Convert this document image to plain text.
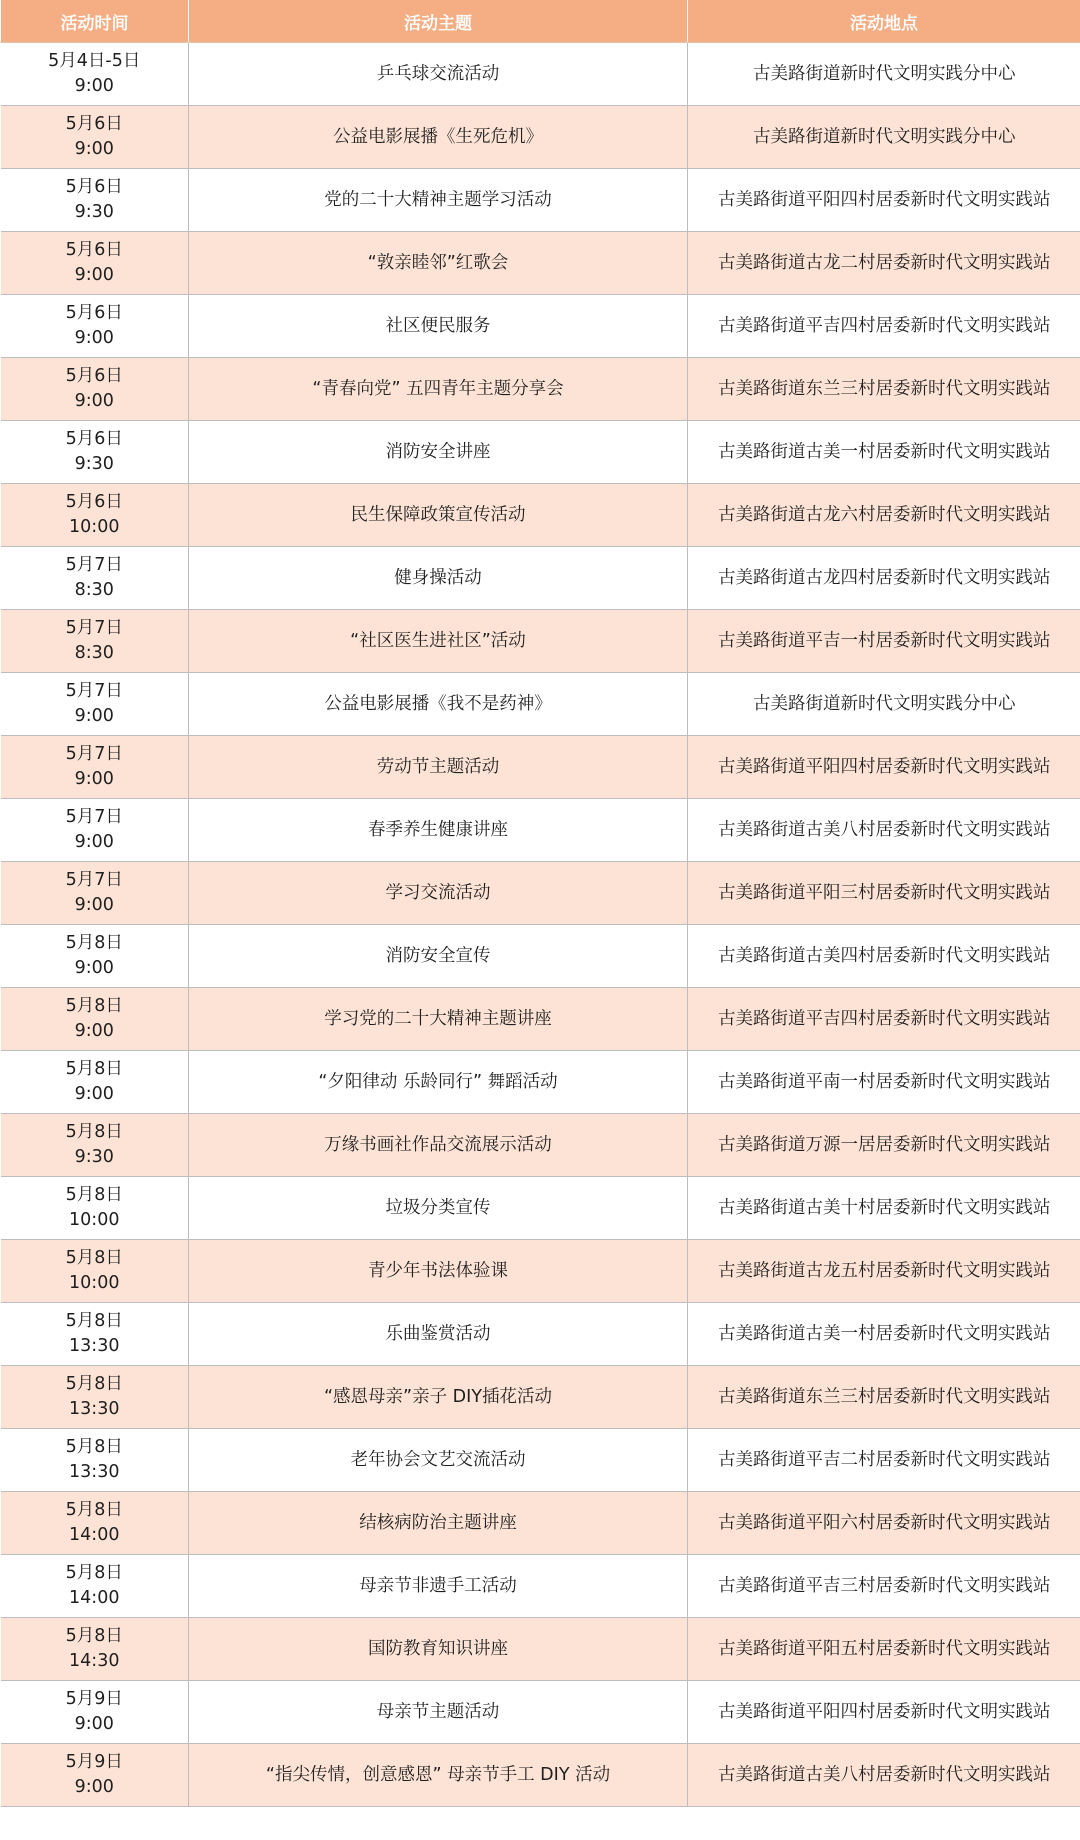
活动时间	活动主题	活动地点

5月4日-5日
9:00	乒乓球交流活动	古美路街道新时代文明实践分中心

5月6日
9:00	公益电影展播《生死危机》	古美路街道新时代文明实践分中心

5月6日
9:30	党的二十大精神主题学习活动	古美路街道平阳四村居委新时代文明实践站

5月6日
9:00	“敦亲睦邻”红歌会	古美路街道古龙二村居委新时代文明实践站

5月6日
9:00	社区便民服务	古美路街道平吉四村居委新时代文明实践站

5月6日
9:00	“青春向党” 五四青年主题分享会	古美路街道东兰三村居委新时代文明实践站

5月6日
9:30	消防安全讲座	古美路街道古美一村居委新时代文明实践站

5月6日
10:00	民生保障政策宣传活动	古美路街道古龙六村居委新时代文明实践站

5月7日
8:30	健身操活动	古美路街道古龙四村居委新时代文明实践站

5月7日
8:30	“社区医生进社区”活动	古美路街道平吉一村居委新时代文明实践站

5月7日
9:00	公益电影展播《我不是药神》	古美路街道新时代文明实践分中心

5月7日
9:00	劳动节主题活动	古美路街道平阳四村居委新时代文明实践站

5月7日
9:00	春季养生健康讲座	古美路街道古美八村居委新时代文明实践站

5月7日
9:00	学习交流活动	古美路街道平阳三村居委新时代文明实践站

5月8日
9:00	消防安全宣传	古美路街道古美四村居委新时代文明实践站

5月8日
9:00	学习党的二十大精神主题讲座	古美路街道平吉四村居委新时代文明实践站

5月8日
9:00	“夕阳律动 乐龄同行” 舞蹈活动	古美路街道平南一村居委新时代文明实践站

5月8日
9:30	万缘书画社作品交流展示活动	古美路街道万源一居居委新时代文明实践站

5月8日
10:00	垃圾分类宣传	古美路街道古美十村居委新时代文明实践站

5月8日
10:00	青少年书法体验课	古美路街道古龙五村居委新时代文明实践站

5月8日
13:30	乐曲鉴赏活动	古美路街道古美一村居委新时代文明实践站

5月8日
13:30	“感恩母亲”亲子 DIY插花活动	古美路街道东兰三村居委新时代文明实践站

5月8日
13:30	老年协会文艺交流活动	古美路街道平吉二村居委新时代文明实践站

5月8日
14:00	结核病防治主题讲座	古美路街道平阳六村居委新时代文明实践站

5月8日
14:00	母亲节非遗手工活动	古美路街道平吉三村居委新时代文明实践站

5月8日
14:30	国防教育知识讲座	古美路街道平阳五村居委新时代文明实践站

5月9日
9:00	母亲节主题活动	古美路街道平阳四村居委新时代文明实践站

5月9日
9:00	“指尖传情，创意感恩” 母亲节手工 DIY 活动	古美路街道古美八村居委新时代文明实践站
